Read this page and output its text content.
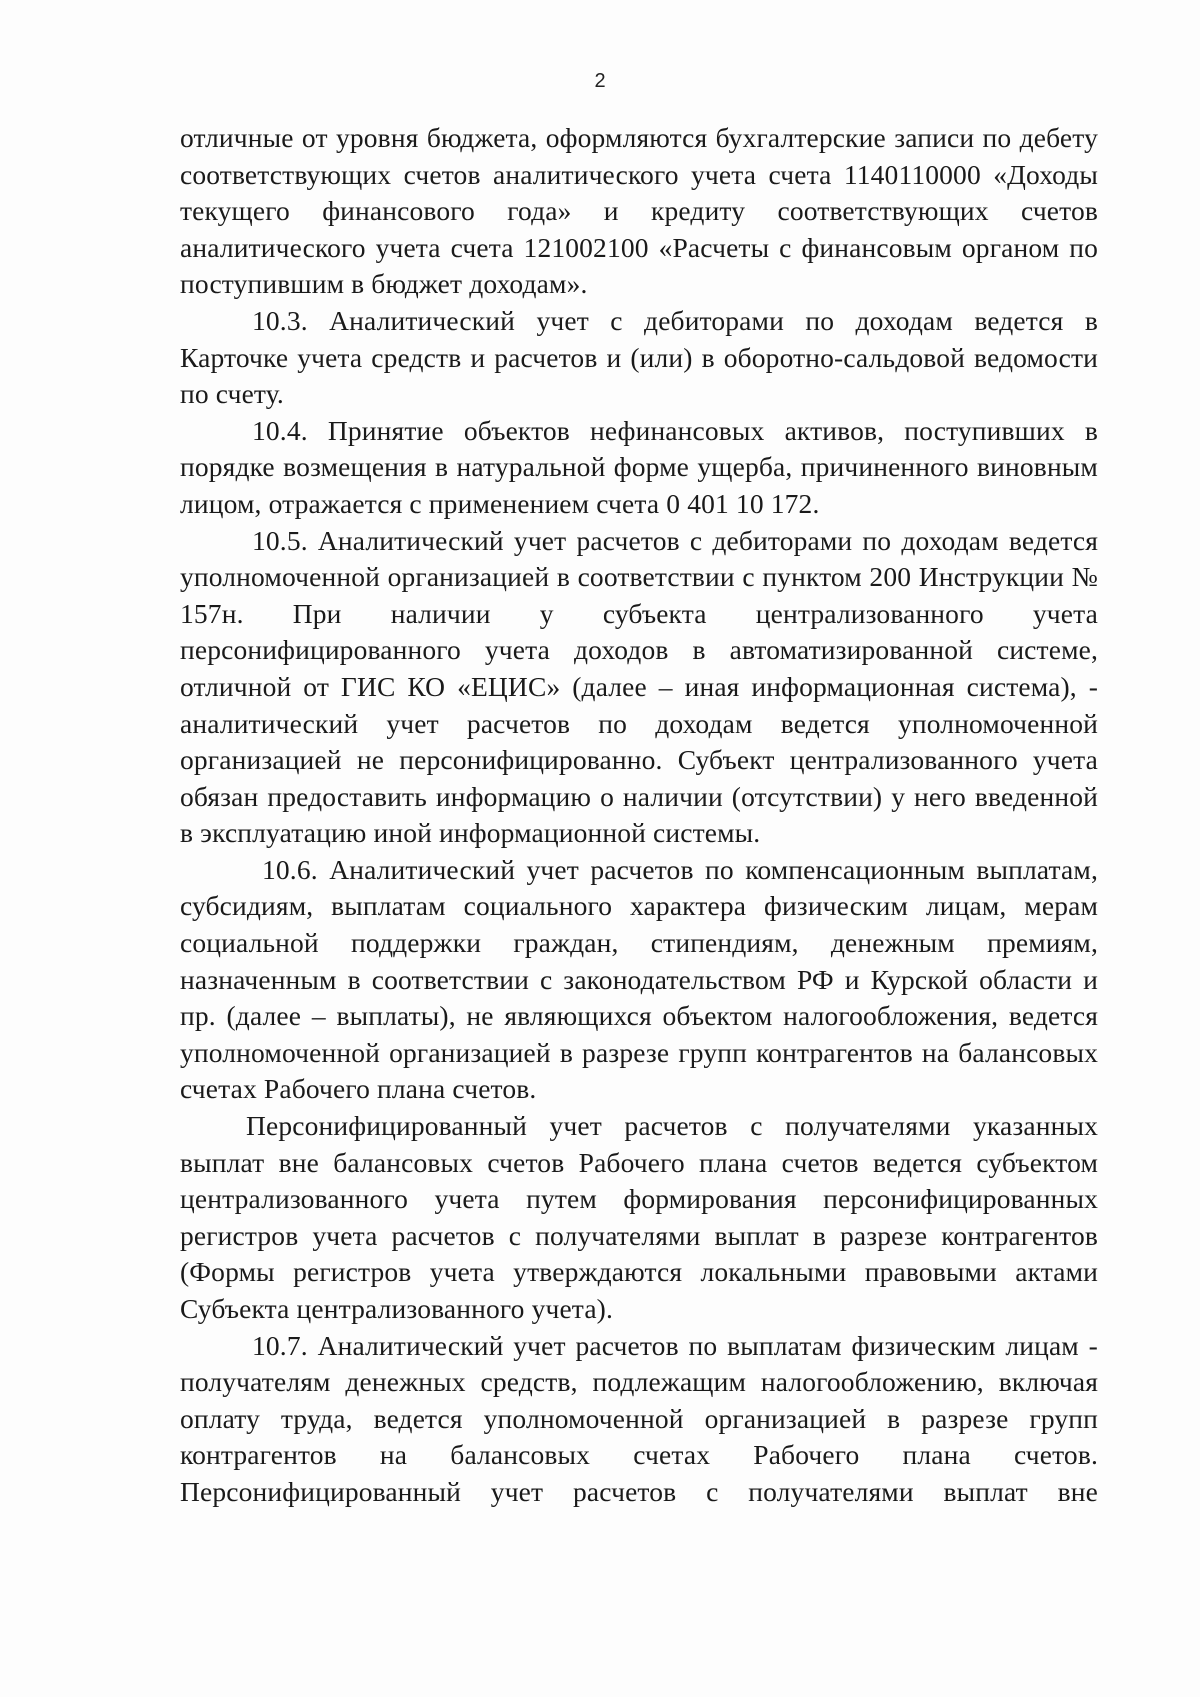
2

отличные от уровня бюджета, оформляются бухгалтерские записи по дебету соответствующих счетов аналитического учета счета 1140110000 «Доходы текущего финансового года» и кредиту соответствующих счетов аналитического учета счета 121002100 «Расчеты с финансовым органом по поступившим в бюджет доходам».

10.3. Аналитический учет с дебиторами по доходам ведется в Карточке учета средств и расчетов и (или) в оборотно-сальдовой ведомости по счету.

10.4. Принятие объектов нефинансовых активов, поступивших в порядке возмещения в натуральной форме ущерба, причиненного виновным лицом, отражается с применением счета 0 401 10 172.

10.5. Аналитический учет расчетов с дебиторами по доходам ведется уполномоченной организацией в соответствии с пунктом 200 Инструкции № 157н. При наличии у субъекта централизованного учета персонифицированного учета доходов в автоматизированной системе, отличной от ГИС КО «ЕЦИС» (далее – иная информационная система), - аналитический учет расчетов по доходам ведется уполномоченной организацией не персонифицированно. Субъект централизованного учета обязан предоставить информацию о наличии (отсутствии) у него введенной в эксплуатацию иной информационной системы.

10.6. Аналитический учет расчетов по компенсационным выплатам, субсидиям, выплатам социального характера физическим лицам, мерам социальной поддержки граждан, стипендиям, денежным премиям, назначенным в соответствии с законодательством РФ и Курской области и пр. (далее – выплаты), не являющихся объектом налогообложения, ведется уполномоченной организацией в разрезе групп контрагентов на балансовых счетах Рабочего плана счетов.

Персонифицированный учет расчетов с получателями указанных выплат вне балансовых счетов Рабочего плана счетов ведется субъектом централизованного учета путем формирования персонифицированных регистров учета расчетов с получателями выплат в разрезе контрагентов (Формы регистров учета утверждаются локальными правовыми актами Субъекта централизованного учета).

10.7. Аналитический учет расчетов по выплатам физическим лицам - получателям денежных средств, подлежащим налогообложению, включая оплату труда, ведется уполномоченной организацией в разрезе групп контрагентов на балансовых счетах Рабочего плана счетов. Персонифицированный учет расчетов с получателями выплат вне
